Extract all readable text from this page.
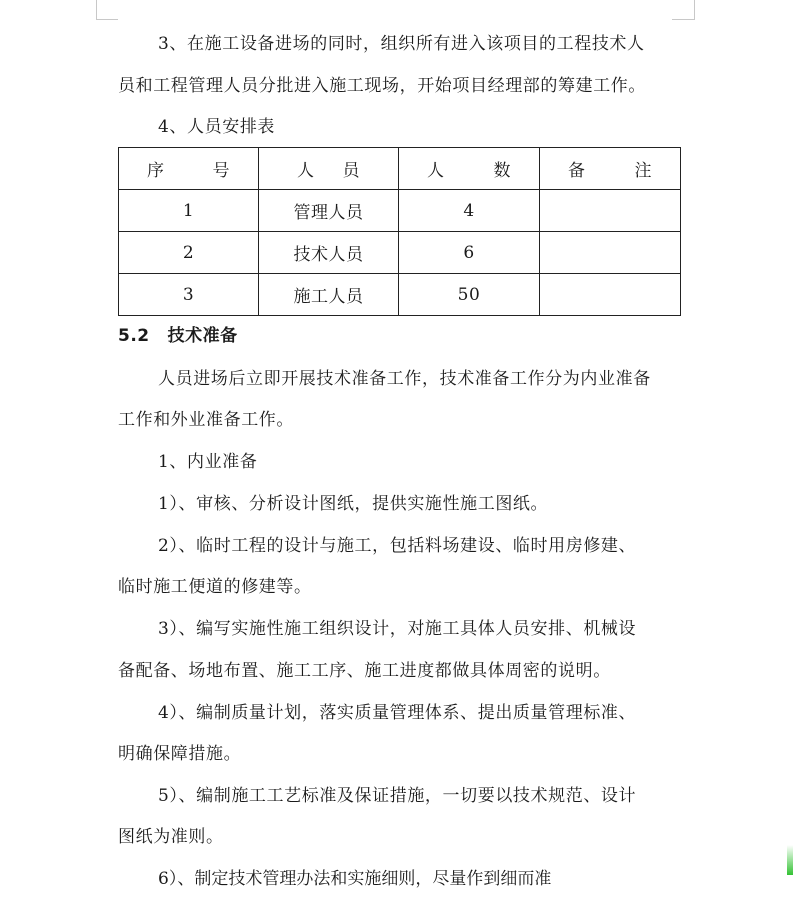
3、在施工设备进场的同时，组织所有进入该项目的工程技术人
员和工程管理人员分批进入施工现场，开始项目经理部的筹建工作。
4、人员安排表
序 号	人 员	人 数	备 注

1	管理人员	4	
2	技术人员	6	
3	施工人员	50	
5.2 技术准备
人员进场后立即开展技术准备工作，技术准备工作分为内业准备
工作和外业准备工作。
1、内业准备
1）、审核、分析设计图纸，提供实施性施工图纸。
2）、临时工程的设计与施工，包括料场建设、临时用房修建、
临时施工便道的修建等。
3）、编写实施性施工组织设计，对施工具体人员安排、机械设
备配备、场地布置、施工工序、施工进度都做具体周密的说明。
4）、编制质量计划，落实质量管理体系、提出质量管理标准、
明确保障措施。
5）、编制施工工艺标准及保证措施，一切要以技术规范、设计
图纸为准则。
6）、制定技术管理办法和实施细则，尽量作到细而准
